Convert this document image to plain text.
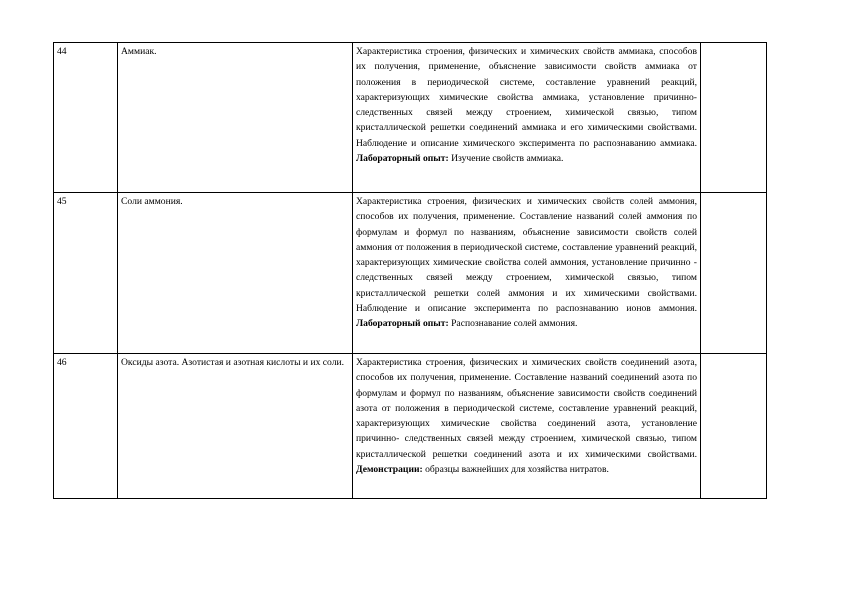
44	Аммиак.	Характеристика строения, физических и химических свойств аммиака, способов их получения, применение, объяснение зависимости свойств аммиака от положения в периодической системе, составление уравнений реакций, характеризующих химические свойства аммиака, установление причинно-следственных связей между строением, химической связью, типом кристаллической решетки соединений аммиака и его химическими свойствами. Наблюдение и описание химического эксперимента по распознаванию аммиака. Лабораторный опыт: Изучение свойств аммиака.	
45	Соли аммония.	Характеристика строения, физических и химических свойств солей аммония, способов их получения, применение. Составление названий солей аммония по формулам и формул по названиям, объяснение зависимости свойств солей аммония от положения в периодической системе, составление уравнений реакций, характеризующих химические свойства солей аммония, установление причинно - следственных связей между строением, химической связью, типом кристаллической решетки солей аммония и их химическими свойствами. Наблюдение и описание эксперимента по распознаванию ионов аммония. Лабораторный опыт: Распознавание солей аммония.	
46	Оксиды азота. Азотистая и азотная кислоты и их соли.	Характеристика строения, физических и химических свойств соединений азота, способов их получения, применение. Составление названий соединений азота по формулам и формул по названиям, объяснение зависимости свойств соединений азота от положения в периодической системе, составление уравнений реакций, характеризующих химические свойства соединений азота, установление причинно- следственных связей между строением, химической связью, типом кристаллической решетки соединений азота и их химическими свойствами. Демонстрации: образцы важнейших для хозяйства нитратов.	
